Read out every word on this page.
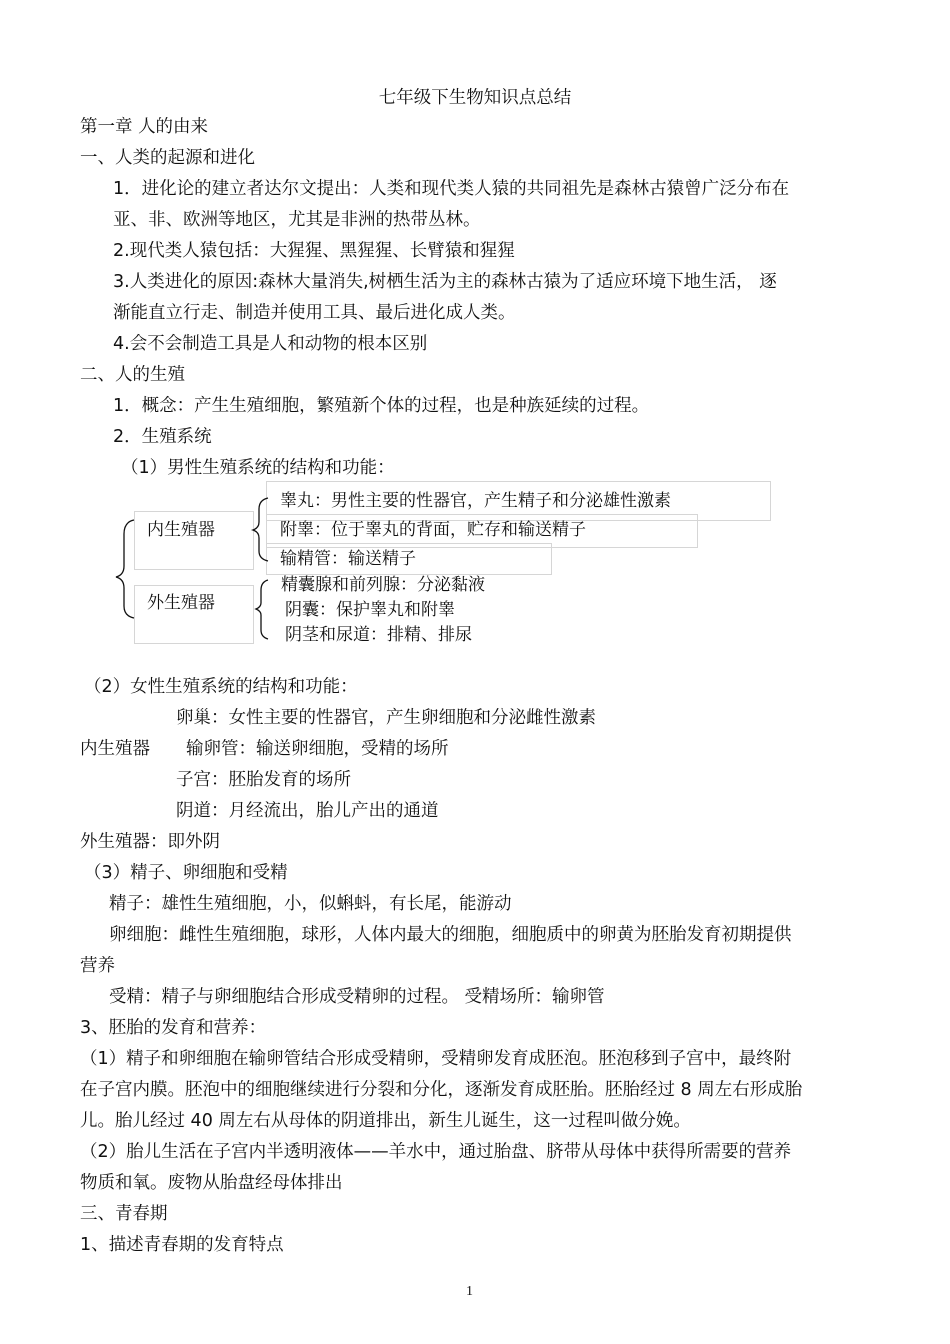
七年级下生物知识点总结
第一章 人的由来
一、人类的起源和进化
1．进化论的建立者达尔文提出：人类和现代类人猿的共同祖先是森林古猿曾广泛分布在
亚、非、欧洲等地区，尤其是非洲的热带丛林。
2.现代类人猿包括：大猩猩、黑猩猩、长臂猿和猩猩
3.人类进化的原因:森林大量消失,树栖生活为主的森林古猿为了适应环境下地生活， 逐
渐能直立行走、制造并使用工具、最后进化成人类。
4.会不会制造工具是人和动物的根本区别
二、人的生殖
1．概念：产生生殖细胞，繁殖新个体的过程，也是种族延续的过程。
2．生殖系统
（1）男性生殖系统的结构和功能：
内生殖器
外生殖器
睾丸：男性主要的性器官，产生精子和分泌雄性激素
附睾：位于睾丸的背面，贮存和输送精子
输精管：输送精子
精囊腺和前列腺：分泌黏液
阴囊：保护睾丸和附睾
阴茎和尿道：排精、排尿
（2）女性生殖系统的结构和功能：
卵巢：女性主要的性器官，产生卵细胞和分泌雌性激素
内生殖器 输卵管：输送卵细胞，受精的场所
子宫：胚胎发育的场所
阴道：月经流出，胎儿产出的通道
外生殖器：即外阴
（3）精子、卵细胞和受精
精子：雄性生殖细胞，小，似蝌蚪，有长尾，能游动
卵细胞：雌性生殖细胞，球形，人体内最大的细胞，细胞质中的卵黄为胚胎发育初期提供
营养
受精：精子与卵细胞结合形成受精卵的过程。 受精场所：输卵管
3、胚胎的发育和营养：
（1）精子和卵细胞在输卵管结合形成受精卵，受精卵发育成胚泡。胚泡移到子宫中，最终附
在子宫内膜。胚泡中的细胞继续进行分裂和分化，逐渐发育成胚胎。胚胎经过 8 周左右形成胎
儿。胎儿经过 40 周左右从母体的阴道排出，新生儿诞生，这一过程叫做分娩。
（2）胎儿生活在子宫内半透明液体——羊水中，通过胎盘、脐带从母体中获得所需要的营养
物质和氧。废物从胎盘经母体排出
三、青春期
1、描述青春期的发育特点
1
